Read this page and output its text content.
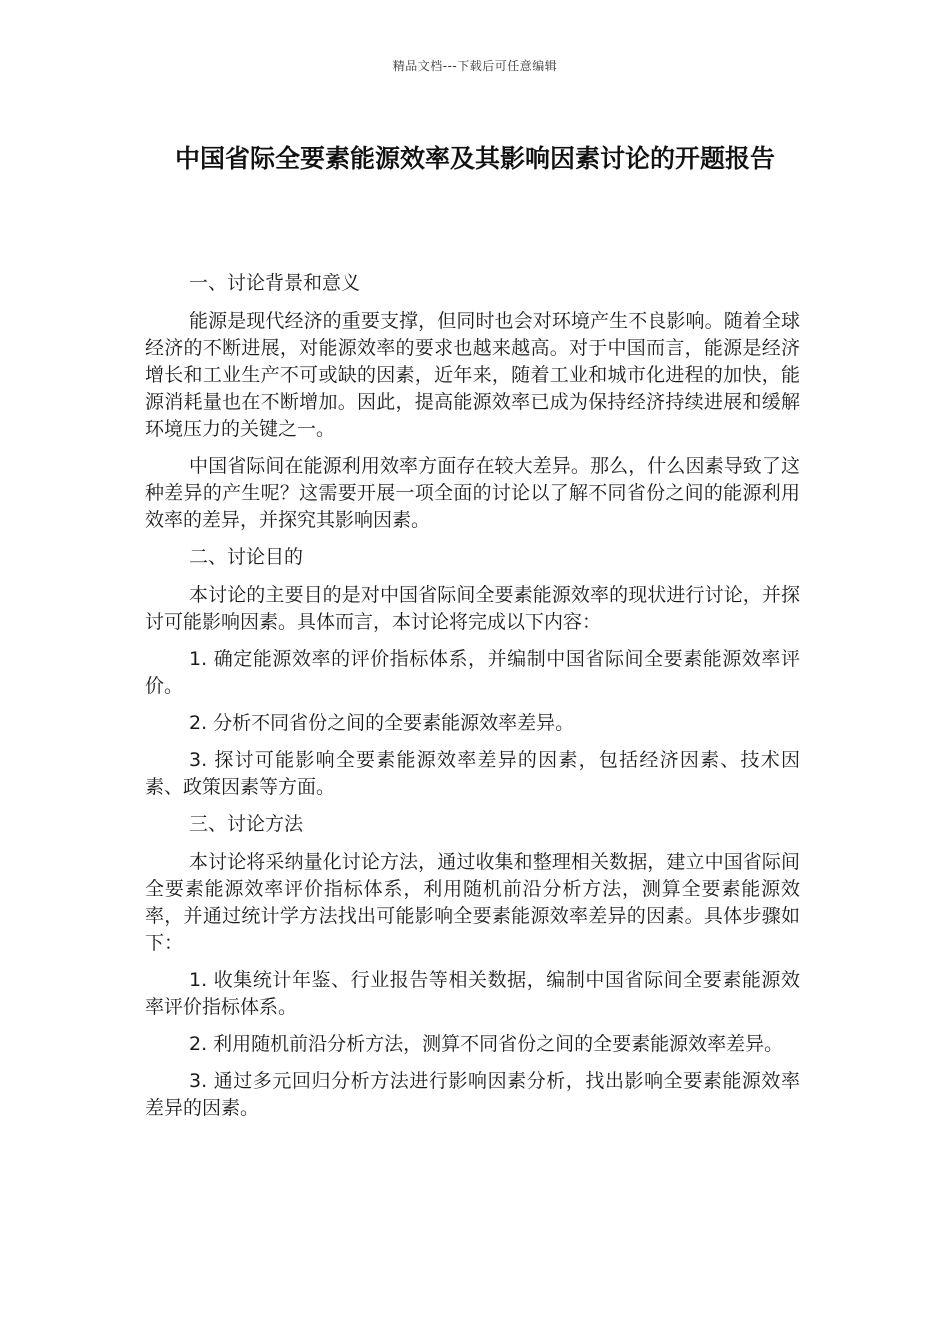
精品文档---下载后可任意编辑
中国省际全要素能源效率及其影响因素讨论的开题报告

一、讨论背景和意义

能源是现代经济的重要支撑，但同时也会对环境产生不良影响。随着全球经济的不断进展，对能源效率的要求也越来越高。对于中国而言，能源是经济增长和工业生产不可或缺的因素，近年来，随着工业和城市化进程的加快，能源消耗量也在不断增加。因此，提高能源效率已成为保持经济持续进展和缓解环境压力的关键之一。

中国省际间在能源利用效率方面存在较大差异。那么，什么因素导致了这种差异的产生呢？这需要开展一项全面的讨论以了解不同省份之间的能源利用效率的差异，并探究其影响因素。

二、讨论目的

本讨论的主要目的是对中国省际间全要素能源效率的现状进行讨论，并探讨可能影响因素。具体而言，本讨论将完成以下内容：

1. 确定能源效率的评价指标体系，并编制中国省际间全要素能源效率评价。

2. 分析不同省份之间的全要素能源效率差异。

3. 探讨可能影响全要素能源效率差异的因素，包括经济因素、技术因素、政策因素等方面。

三、讨论方法

本讨论将采纳量化讨论方法，通过收集和整理相关数据，建立中国省际间全要素能源效率评价指标体系，利用随机前沿分析方法，测算全要素能源效率，并通过统计学方法找出可能影响全要素能源效率差异的因素。具体步骤如下：

1. 收集统计年鉴、行业报告等相关数据，编制中国省际间全要素能源效率评价指标体系。

2. 利用随机前沿分析方法，测算不同省份之间的全要素能源效率差异。

3. 通过多元回归分析方法进行影响因素分析，找出影响全要素能源效率差异的因素。
